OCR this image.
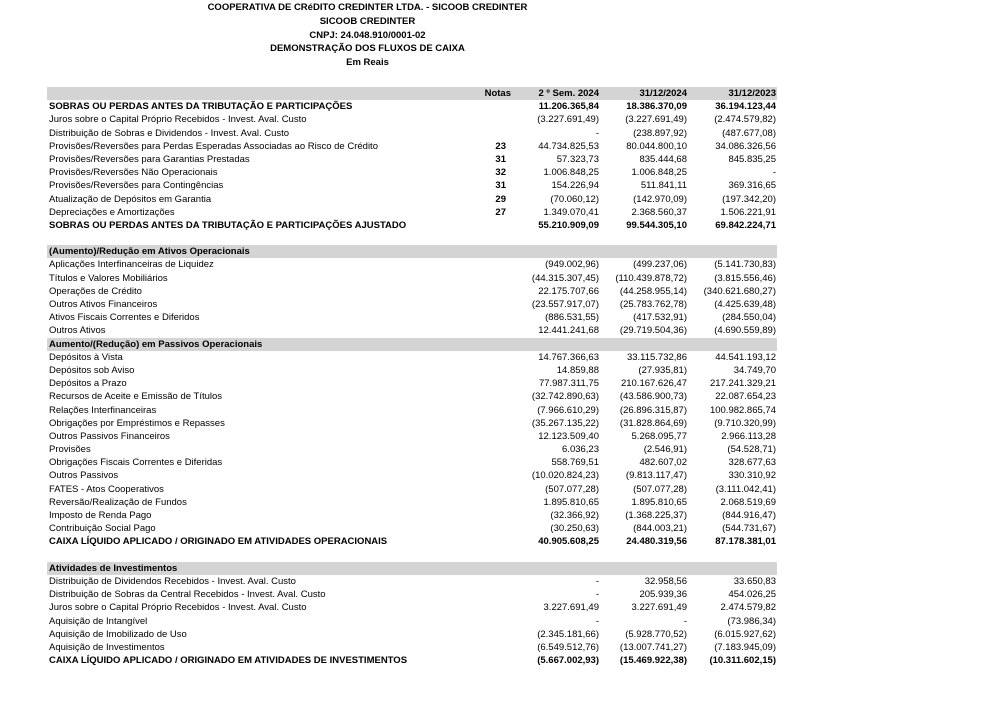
COOPERATIVA DE CRéDITO CREDINTER LTDA. - SICOOB CREDINTER
SICOOB CREDINTER
CNPJ: 24.048.910/0001-02
DEMONSTRAÇÃO DOS FLUXOS DE CAIXA
Em Reais
Notas	2 º Sem. 2024	31/12/2024	31/12/2023
SOBRAS OU PERDAS ANTES DA TRIBUTAÇÃO E PARTICIPAÇÕES	11.206.365,84	18.386.370,09	36.194.123,44
Juros sobre o Capital Próprio Recebidos - Invest. Aval. Custo	(3.227.691,49)	(3.227.691,49)	(2.474.579,82)
Distribuição de Sobras e Dividendos - Invest. Aval. Custo	-	(238.897,92)	(487.677,08)
Provisões/Reversões para Perdas Esperadas Associadas ao Risco de Crédito	23	44.734.825,53	80.044.800,10	34.086.326,56
Provisões/Reversões para Garantias Prestadas	31	57.323,73	835.444,68	845.835,25
Provisões/Reversões Não Operacionais	32	1.006.848,25	1.006.848,25	-
Provisões/Reversões para Contingências	31	154.226,94	511.841,11	369.316,65
Atualização de Depósitos em Garantia	29	(70.060,12)	(142.970,09)	(197.342,20)
Depreciações e Amortizações	27	1.349.070,41	2.368.560,37	1.506.221,91
SOBRAS OU PERDAS ANTES DA TRIBUTAÇÃO E PARTICIPAÇÕES AJUSTADO	55.210.909,09	99.544.305,10	69.842.224,71
(Aumento)/Redução em Ativos Operacionais
Aplicações Interfinanceiras de Liquidez	(949.002,96)	(499.237,06)	(5.141.730,83)
Títulos e Valores Mobiliários	(44.315.307,45)	(110.439.878,72)	(3.815.556,46)
Operações de Crédito	22.175.707,66	(44.258.955,14)	(340.621.680,27)
Outros Ativos Financeiros	(23.557.917,07)	(25.783.762,78)	(4.425.639,48)
Ativos Fiscais Correntes e Diferidos	(886.531,55)	(417.532,91)	(284.550,04)
Outros Ativos	12.441.241,68	(29.719.504,36)	(4.690.559,89)
Aumento/(Redução) em Passivos Operacionais
Depósitos à Vista	14.767.366,63	33.115.732,86	44.541.193,12
Depósitos sob Aviso	14.859,88	(27.935,81)	34.749,70
Depósitos a Prazo	77.987.311,75	210.167.626,47	217.241.329,21
Recursos de Aceite e Emissão de Títulos	(32.742.890,63)	(43.586.900,73)	22.087.654,23
Relações Interfinanceiras	(7.966.610,29)	(26.896.315,87)	100.982.865,74
Obrigações por Empréstimos e Repasses	(35.267.135,22)	(31.828.864,69)	(9.710.320,99)
Outros Passivos Financeiros	12.123.509,40	5.268.095,77	2.966.113,28
Provisões	6.036,23	(2.546,91)	(54.528,71)
Obrigações Fiscais Correntes e Diferidas	558.769,51	482.607,02	328.677,63
Outros Passivos	(10.020.824,23)	(9.813.117,47)	330.310,92
FATES - Atos Cooperativos	(507.077,28)	(507.077,28)	(3.111.042,41)
Reversão/Realização de Fundos	1.895.810,65	1.895.810,65	2.068.519,69
Imposto de Renda Pago	(32.366,92)	(1.368.225,37)	(844.916,47)
Contribuição Social Pago	(30.250,63)	(844.003,21)	(544.731,67)
CAIXA LÍQUIDO APLICADO / ORIGINADO EM ATIVIDADES OPERACIONAIS	40.905.608,25	24.480.319,56	87.178.381,01
Atividades de Investimentos
Distribuição de Dividendos Recebidos - Invest. Aval. Custo	-	32.958,56	33.650,83
Distribuição de Sobras da Central Recebidos - Invest. Aval. Custo	-	205.939,36	454.026,25
Juros sobre o Capital Próprio Recebidos - Invest. Aval. Custo	3.227.691,49	3.227.691,49	2.474.579,82
Aquisição de Intangível	-	-	(73.986,34)
Aquisição de Imobilizado de Uso	(2.345.181,66)	(5.928.770,52)	(6.015.927,62)
Aquisição de Investimentos	(6.549.512,76)	(13.007.741,27)	(7.183.945,09)
CAIXA LÍQUIDO APLICADO / ORIGINADO EM ATIVIDADES DE INVESTIMENTOS	(5.667.002,93)	(15.469.922,38)	(10.311.602,15)
